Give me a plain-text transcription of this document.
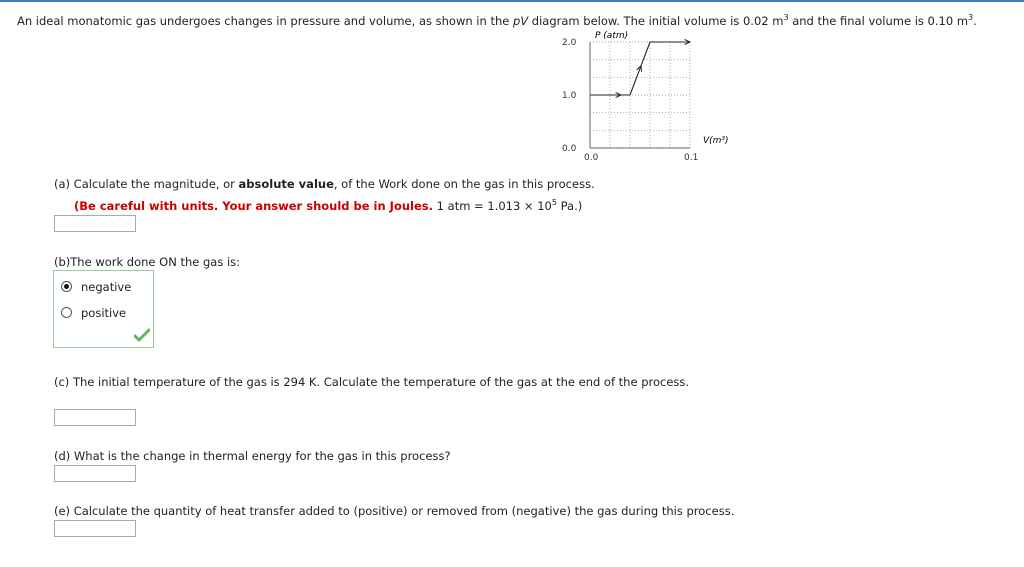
An ideal monatomic gas undergoes changes in pressure and volume, as shown in the pV diagram below. The initial volume is 0.02 $m^3$ and the final volume is 0.10 $m^3$.
2.0
1.0
0.0
0.0	0.1
P (atm)
V(m³)
(a) Calculate the magnitude, or absolute value, of the Work done on the gas in this process.
(Be careful with units. Your answer should be in Joules. 1 atm = $1.013 \times 10^5$ Pa.)
(b)The work done ON the gas is:
negative
positive
(c) The initial temperature of the gas is 294 K. Calculate the temperature of the gas at the end of the process.
(d) What is the change in thermal energy for the gas in this process?
(e) Calculate the quantity of heat transfer added to (positive) or removed from (negative) the gas during this process.
